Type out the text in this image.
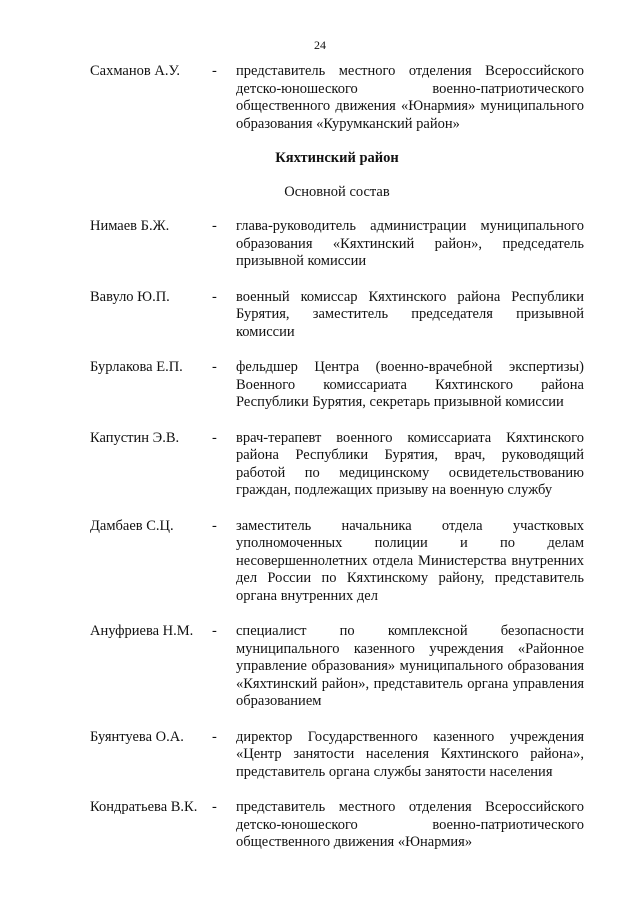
24
Сахманов А.У.	-	представитель местного отделения Всероссийского детско-юношеского военно-патриотического общественного движения «Юнармия» муниципального образования «Курумканский район»
Кяхтинский район
Основной состав
Нимаев Б.Ж.	-	глава-руководитель администрации муниципального образования «Кяхтинский район», председатель призывной комиссии
Вавуло Ю.П.	-	военный комиссар Кяхтинского района Республики Бурятия, заместитель председателя призывной комиссии
Бурлакова Е.П.	-	фельдшер Центра (военно-врачебной экспертизы) Военного комиссариата Кяхтинского района Республики Бурятия, секретарь призывной комиссии
Капустин Э.В.	-	врач-терапевт военного комиссариата Кяхтинского района Республики Бурятия, врач, руководящий работой по медицинскому освидетельствованию граждан, подлежащих призыву на военную службу
Дамбаев С.Ц.	-	заместитель начальника отдела участковых уполномоченных полиции и по делам несовершеннолетних отдела Министерства внутренних дел России по Кяхтинскому району, представитель органа внутренних дел
Ануфриева Н.М.	-	специалист по комплексной безопасности муниципального казенного учреждения «Районное управление образования» муниципального образования «Кяхтинский район», представитель органа управления образованием
Буянтуева О.А.	-	директор Государственного казенного учреждения «Центр занятости населения Кяхтинского района», представитель органа службы занятости населения
Кондратьева В.К.	-	представитель местного отделения Всероссийского детско-юношеского военно-патриотического общественного движения «Юнармия»
